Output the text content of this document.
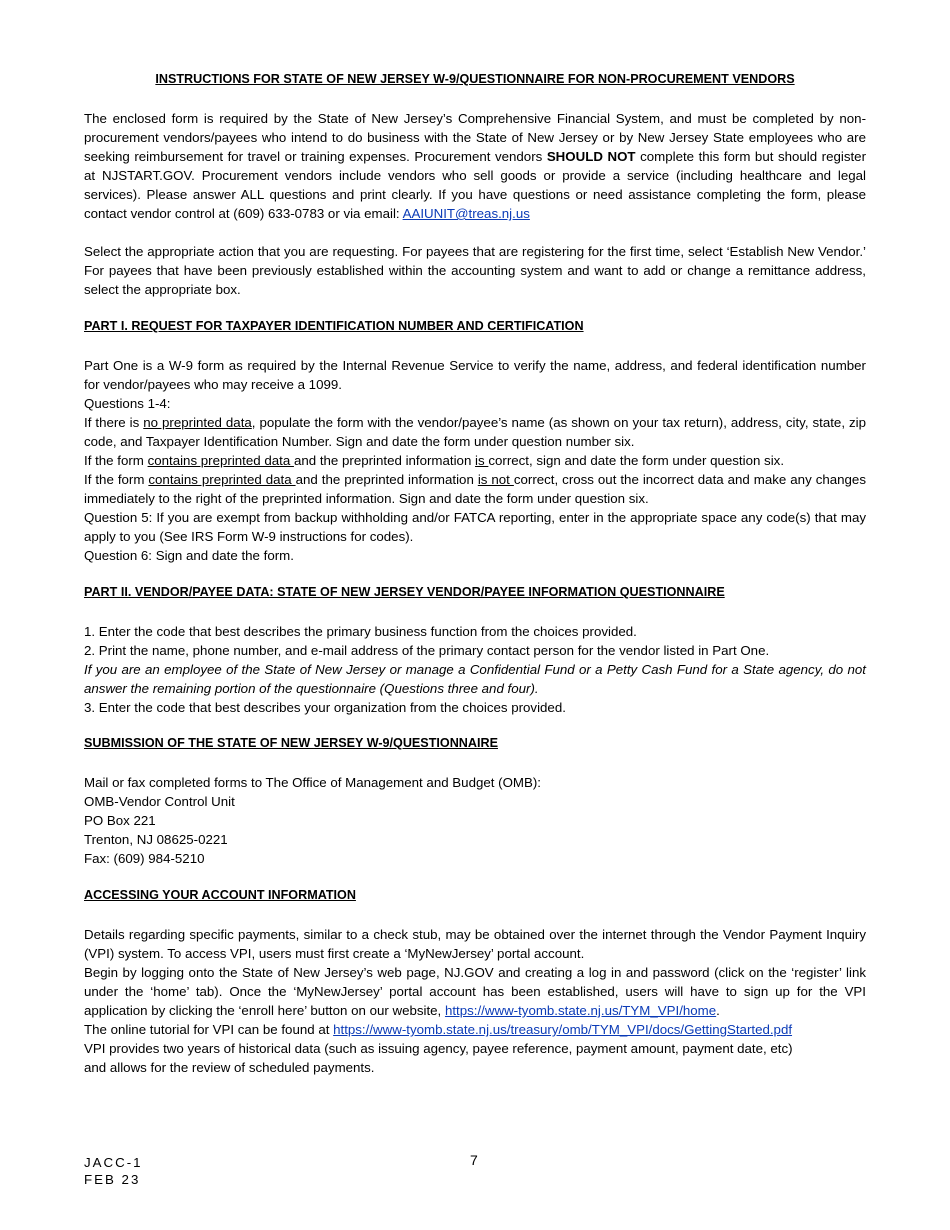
INSTRUCTIONS FOR STATE OF NEW JERSEY W-9/QUESTIONNAIRE FOR NON-PROCUREMENT VENDORS

The enclosed form is required by the State of New Jersey’s Comprehensive Financial System, and must be completed by non-procurement vendors/payees who intend to do business with the State of New Jersey or by New Jersey State employees who are seeking reimbursement for travel or training expenses. Procurement vendors SHOULD NOT complete this form but should register at NJSTART.GOV. Procurement vendors include vendors who sell goods or provide a service (including healthcare and legal services). Please answer ALL questions and print clearly. If you have questions or need assistance completing the form, please contact vendor control at (609) 633-0783 or via email: AAIUNIT@treas.nj.us

Select the appropriate action that you are requesting. For payees that are registering for the first time, select ‘Establish New Vendor.’ For payees that have been previously established within the accounting system and want to add or change a remittance address, select the appropriate box.

PART I. REQUEST FOR TAXPAYER IDENTIFICATION NUMBER AND CERTIFICATION

Part One is a W-9 form as required by the Internal Revenue Service to verify the name, address, and federal identification number for vendor/payees who may receive a 1099.

Questions 1-4:

If there is no preprinted data, populate the form with the vendor/payee’s name (as shown on your tax return), address, city, state, zip code, and Taxpayer Identification Number. Sign and date the form under question number six.

If the form contains preprinted data and the preprinted information is correct, sign and date the form under question six.

If the form contains preprinted data and the preprinted information is not correct, cross out the incorrect data and make any changes immediately to the right of the preprinted information. Sign and date the form under question six.

Question 5: If you are exempt from backup withholding and/or FATCA reporting, enter in the appropriate space any code(s) that may apply to you (See IRS Form W-9 instructions for codes).

Question 6: Sign and date the form.

PART II. VENDOR/PAYEE DATA: STATE OF NEW JERSEY VENDOR/PAYEE INFORMATION QUESTIONNAIRE

1. Enter the code that best describes the primary business function from the choices provided.

2. Print the name, phone number, and e-mail address of the primary contact person for the vendor listed in Part One.

If you are an employee of the State of New Jersey or manage a Confidential Fund or a Petty Cash Fund for a State agency, do not answer the remaining portion of the questionnaire (Questions three and four).

3. Enter the code that best describes your organization from the choices provided.

SUBMISSION OF THE STATE OF NEW JERSEY W-9/QUESTIONNAIRE

Mail or fax completed forms to The Office of Management and Budget (OMB):

OMB-Vendor Control Unit

PO Box 221

Trenton, NJ 08625-0221

Fax: (609) 984-5210

ACCESSING YOUR ACCOUNT INFORMATION

Details regarding specific payments, similar to a check stub, may be obtained over the internet through the Vendor Payment Inquiry (VPI) system. To access VPI, users must first create a ‘MyNewJersey’ portal account.

Begin by logging onto the State of New Jersey’s web page, NJ.GOV and creating a log in and password (click on the ‘register’ link under the ‘home’ tab). Once the ‘MyNewJersey’ portal account has been established, users will have to sign up for the VPI application by clicking the ‘enroll here’ button on our website, https://www-tyomb.state.nj.us/TYM_VPI/home.

The online tutorial for VPI can be found at https://www-tyomb.state.nj.us/treasury/omb/TYM_VPI/docs/GettingStarted.pdf

VPI provides two years of historical data (such as issuing agency, payee reference, payment amount, payment date, etc)

and allows for the review of scheduled payments.

JACC-1
FEB 23
7
